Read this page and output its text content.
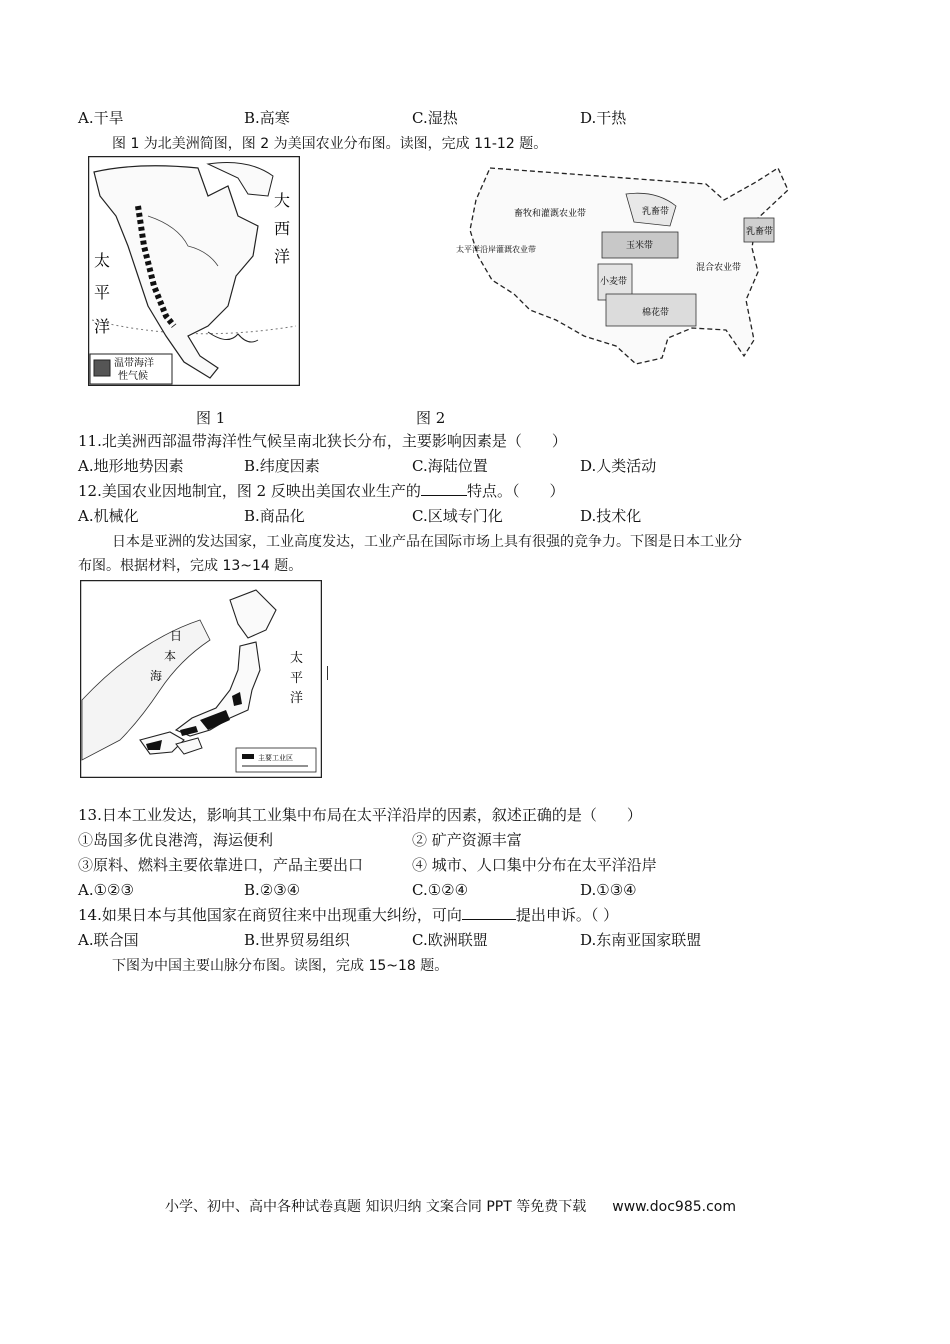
A.干旱	B.高寒	C.湿热	D.干热
图 1 为北美洲简图，图 2 为美国农业分布图。读图，完成 11-12 题。
大
西
洋
太
平
洋
温带海洋
性气候
畜牧和灌溉农业带	乳畜带
玉米带
乳畜带
小麦带
混合农业带
棉花带
太平洋沿岸灌溉农业带
图 1	图 2
11.北美洲西部温带海洋性气候呈南北狭长分布，主要影响因素是（　　）
A.地形地势因素	B.纬度因素	C.海陆位置	D.人类活动
12.美国农业因地制宜，图 2 反映出美国农业生产的	特点。（　　）
A.机械化	B.商品化	C.区域专门化	D.技术化
日本是亚洲的发达国家，工业高度发达，工业产品在国际市场上具有很强的竞争力。下图是日本工业分
布图。根据材料，完成 13~14 题。
日
本
海
太
平
洋
主要工业区
13.日本工业发达，影响其工业集中布局在太平洋沿岸的因素，叙述正确的是（　　）
①岛国多优良港湾，海运便利	② 矿产资源丰富
③原料、燃料主要依靠进口，产品主要出口	④ 城市、人口集中分布在太平洋沿岸
A.①②③	B.②③④	C.①②④	D.①③④
14.如果日本与其他国家在商贸往来中出现重大纠纷，可向	提出申诉。（ ）
A.联合国	B.世界贸易组织	C.欧洲联盟	D.东南亚国家联盟
下图为中国主要山脉分布图。读图，完成 15~18 题。
小学、初中、高中各种试卷真题 知识归纳 文案合同 PPT 等免费下载 www.doc985.com
